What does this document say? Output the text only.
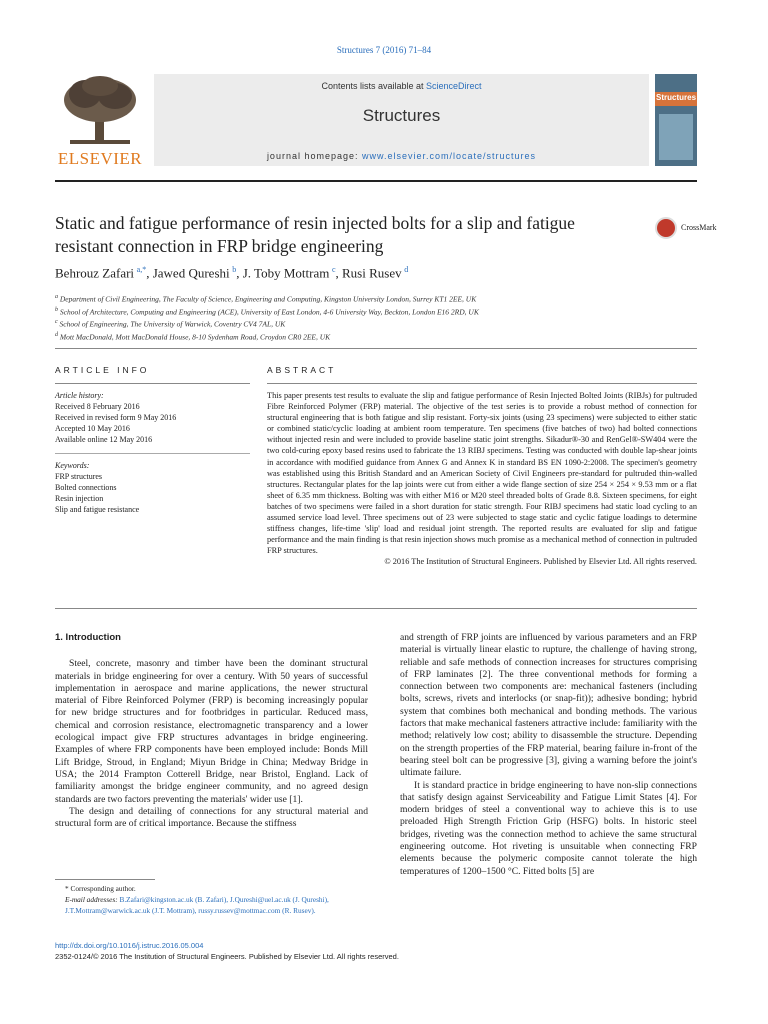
Structures 7 (2016) 71–84
ELSEVIER
Contents lists available at ScienceDirect
Structures
journal homepage: www.elsevier.com/locate/structures
Structures
Static and fatigue performance of resin injected bolts for a slip and fatigue resistant connection in FRP bridge engineering
CrossMark
Behrouz Zafari  $^{a,*}$, Jawed Qureshi  $^b$, J. Toby Mottram  $^c$, Rusi Rusev  $^d$
$^a$ Department of Civil Engineering, The Faculty of Science, Engineering and Computing, Kingston University London, Surrey KT1 2EE, UK
$^b$ School of Architecture, Computing and Engineering (ACE), University of East London, 4-6 University Way, Beckton, London E16 2RD, UK
$^c$ School of Engineering, The University of Warwick, Coventry CV4 7AL, UK
$^d$ Mott MacDonald, Mott MacDonald House, 8-10 Sydenham Road, Croydon CR0 2EE, UK
ARTICLE INFO	ABSTRACT
Article history:
Received 8 February 2016
Received in revised form 9 May 2016
Accepted 10 May 2016
Available online 12 May 2016
Keywords:
FRP structures
Bolted connections
Resin injection
Slip and fatigue resistance
This paper presents test results to evaluate the slip and fatigue performance of Resin Injected Bolted Joints (RIBJs) for pultruded Fibre Reinforced Polymer (FRP) material. The objective of the test series is to provide a robust method of connection for structural engineering that is both fatigue and slip resistant. Forty-six joints (using 23 specimens) were subjected to either static or combined static/cyclic loading at ambient room temperature. Ten specimens (five batches of two) had bolted connections without injected resin and were included to provide baseline static joint strengths. Sikadur®-30 and RenGel®-SW404 were the two cold-curing epoxy based resins used to fabricate the 13 RIBJ specimens. Testing was conducted with double lap-shear joints in accordance with modified guidance from Annex G and Annex K in standard BS EN 1090-2:2008. The specimen's geometry was established using this British Standard and an American Society of Civil Engineers pre-standard for pultruded thin-walled structures. Rectangular plates for the lap joints were cut from either a wide flange section of size 254 × 254 × 9.53 mm or a flat sheet of 6.35 mm thickness. Bolting was with either M16 or M20 steel threaded bolts of Grade 8.8. Sixteen specimens, for eight batches of two specimens were failed in a short duration for static strength. Four RIBJ specimens had static load cycling to an assumed service load level. Three specimens out of 23 were subjected to stage static and cyclic fatigue loadings to determine stiffness changes, life-time 'slip' load and residual joint strength. The reported results are evaluated for slip and fatigue performance and the main finding is that resin injection shows much promise as a mechanical method of connection in pultruded FRP structures.
© 2016 The Institution of Structural Engineers. Published by Elsevier Ltd. All rights reserved.
1. Introduction

Steel, concrete, masonry and timber have been the dominant structural materials in bridge engineering for over a century. With 50 years of successful implementation in aerospace and marine applications, the newer structural material of Fibre Reinforced Polymer (FRP) is becoming increasingly popular for new bridge structures and for footbridges in particular. Reduced mass, chemical and corrosion resistance, electromagnetic transparency and a lower ecological impact give FRP structures advantages in bridge engineering. Examples of where FRP components have been employed include: Bonds Mill Lift Bridge, Stroud, in England; Miyun Bridge in China; Medway Bridge in USA; the 2014 Frampton Cotterell Bridge, near Bristol, England. Lack of familiarity amongst the bridge engineer community, and no agreed design standards are two factors preventing the materials' wider use [1].

The design and detailing of connections for any structural material and structural form are of critical importance. Because the stiffness

and strength of FRP joints are influenced by various parameters and an FRP material is virtually linear elastic to rupture, the challenge of having strong, reliable and safe methods of connection increases for structures comprising of FRP laminates [2]. The three conventional methods for forming a connection between two components are: mechanical fasteners (including bolts, screws, rivets and interlocks (or snap-fit)); adhesive bonding; hybrid system that combines both mechanical and bonding methods. The various factors that make mechanical fasteners attractive include: familiarity with the method; relatively low cost; ability to disassemble the structure. Depending on the strength properties of the FRP material, bearing failure in-front of the bearing steel bolt can be progressive [3], giving a warning before the joint's ultimate failure.

It is standard practice in bridge engineering to have non-slip connections that satisfy design against Serviceability and Fatigue Limit States [4]. For modern bridges of steel a conventional way to achieve this is to use preloaded High Strength Friction Grip (HSFG) bolts. In historic steel bridges, riveting was the connection method to achieve the same structural engineering outcome. Hot riveting is unsuitable when connecting FRP elements because the polymeric composite cannot tolerate the high temperatures of 1200–1500 °C. Fitted bolts [5] are

* Corresponding author.
E-mail addresses: B.Zafari@kingston.ac.uk (B. Zafari), J.Qureshi@uel.ac.uk (J. Qureshi), J.T.Mottram@warwick.ac.uk (J.T. Mottram), russy.russev@mottmac.com (R. Rusev).
http://dx.doi.org/10.1016/j.istruc.2016.05.004
2352-0124/© 2016 The Institution of Structural Engineers. Published by Elsevier Ltd. All rights reserved.
